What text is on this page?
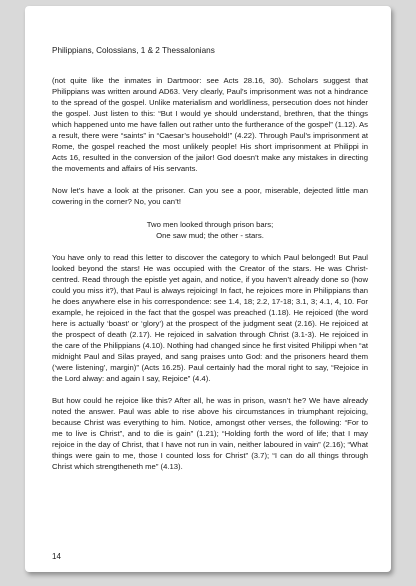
Philippians, Colossians, 1 & 2 Thessalonians

(not quite like the inmates in Dartmoor: see Acts 28.16, 30). Scholars suggest that Philippians was written around AD63. Very clearly, Paul’s imprisonment was not a hindrance to the spread of the gospel. Unlike materialism and worldliness, persecution does not hinder the gospel. Just listen to this: “But I would ye should understand, brethren, that the things which happened unto me have fallen out rather unto the furtherance of the gospel” (1.12). As a result, there were “saints” in “Caesar’s household!” (4.22). Through Paul’s imprisonment at Rome, the gospel reached the most unlikely people! His short imprisonment at Philippi in Acts 16, resulted in the conversion of the jailor! God doesn’t make any mistakes in directing the movements and affairs of His servants.

Now let’s have a look at the prisoner. Can you see a poor, miserable, dejected little man cowering in the corner? No, you can’t!

Two men looked through prison bars;
One saw mud; the other - stars.

You have only to read this letter to discover the category to which Paul belonged! But Paul looked beyond the stars! He was occupied with the Creator of the stars. He was Christ-centred. Read through the epistle yet again, and notice, if you haven’t already done so (how could you miss it?), that Paul is always rejoicing! In fact, he rejoices more in Philippians than he does anywhere else in his correspondence: see 1.4, 18; 2.2, 17-18; 3.1, 3; 4.1, 4, 10. For example, he rejoiced in the fact that the gospel was preached (1.18). He rejoiced (the word here is actually ‘boast’ or ‘glory’) at the prospect of the judgment seat (2.16). He rejoiced at the prospect of death (2.17). He rejoiced in salvation through Christ (3.1-3). He rejoiced in the care of the Philippians (4.10). Nothing had changed since he first visited Philippi when “at midnight Paul and Silas prayed, and sang praises unto God: and the prisoners heard them (‘were listening’, margin)” (Acts 16.25). Paul certainly had the moral right to say, “Rejoice in the Lord alway: and again I say, Rejoice” (4.4).

But how could he rejoice like this? After all, he was in prison, wasn’t he? We have already noted the answer. Paul was able to rise above his circumstances in triumphant rejoicing, because Christ was everything to him. Notice, amongst other verses, the following: “For to me to live is Christ”, and to die is gain” (1.21); “Holding forth the word of life; that I may rejoice in the day of Christ, that I have not run in vain, neither laboured in vain” (2.16); “What things were gain to me, those I counted loss for Christ” (3.7); “I can do all things through Christ which strengtheneth me” (4.13).

14
